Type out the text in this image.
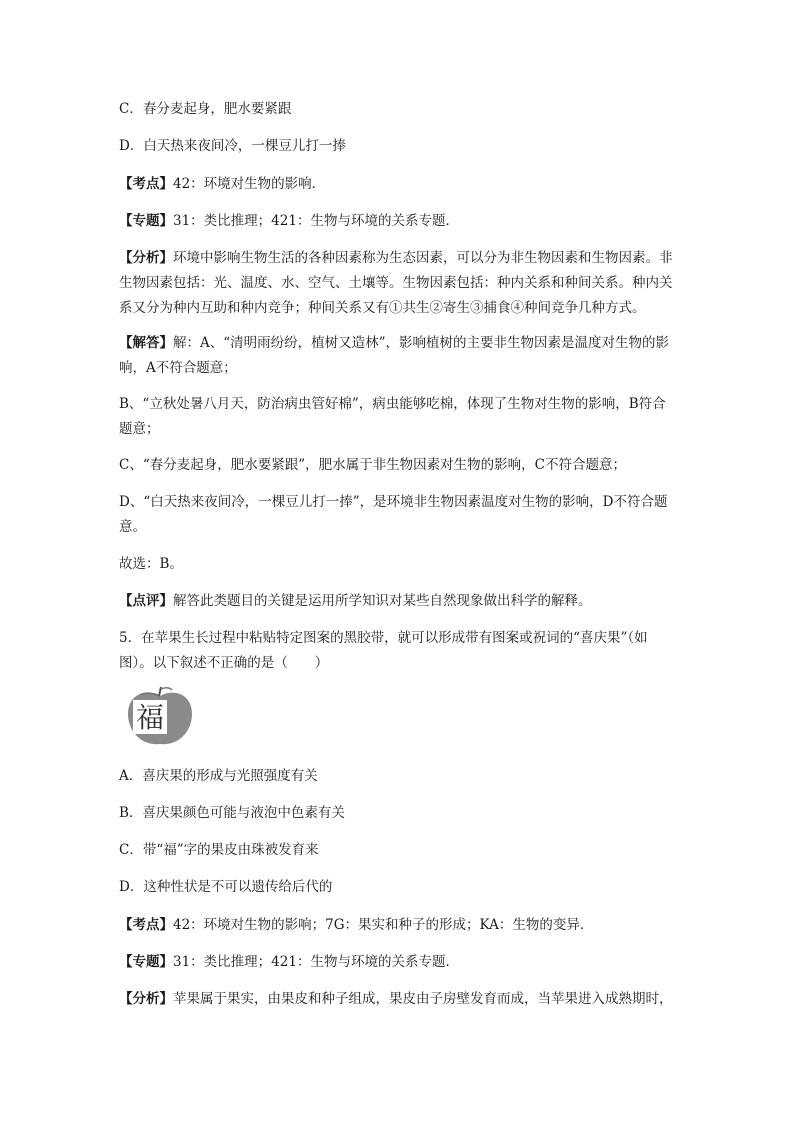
C．春分麦起身，肥水要紧跟
D．白天热来夜间冷，一棵豆儿打一捧
【考点】42：环境对生物的影响．
【专题】31：类比推理；421：生物与环境的关系专题．
【分析】环境中影响生物生活的各种因素称为生态因素，可以分为非生物因素和生物因素。非生物因素包括：光、温度、水、空气、土壤等。生物因素包括：种内关系和种间关系。种内关系又分为种内互助和种内竞争；种间关系又有①共生②寄生③捕食④种间竞争几种方式。
【解答】解：A、“清明雨纷纷，植树又造林”，影响植树的主要非生物因素是温度对生物的影响，A不符合题意；
B、“立秋处暑八月天，防治病虫管好棉”，病虫能够吃棉，体现了生物对生物的影响，B符合题意；
C、“春分麦起身，肥水要紧跟”，肥水属于非生物因素对生物的影响，C不符合题意；
D、“白天热来夜间冷，一棵豆儿打一捧”，是环境非生物因素温度对生物的影响，D不符合题意。
故选：B。
【点评】解答此类题目的关键是运用所学知识对某些自然现象做出科学的解释。
5．在苹果生长过程中粘贴特定图案的黑胶带，就可以形成带有图案或祝词的“喜庆果”（如图）。以下叙述不正确的是（　　）
福
A．喜庆果的形成与光照强度有关
B．喜庆果颜色可能与液泡中色素有关
C．带“福”字的果皮由珠被发育来
D．这种性状是不可以遗传给后代的
【考点】42：环境对生物的影响；7G：果实和种子的形成；KA：生物的变异．
【专题】31：类比推理；421：生物与环境的关系专题．
【分析】苹果属于果实，由果皮和种子组成，果皮由子房壁发育而成，当苹果进入成熟期时，
